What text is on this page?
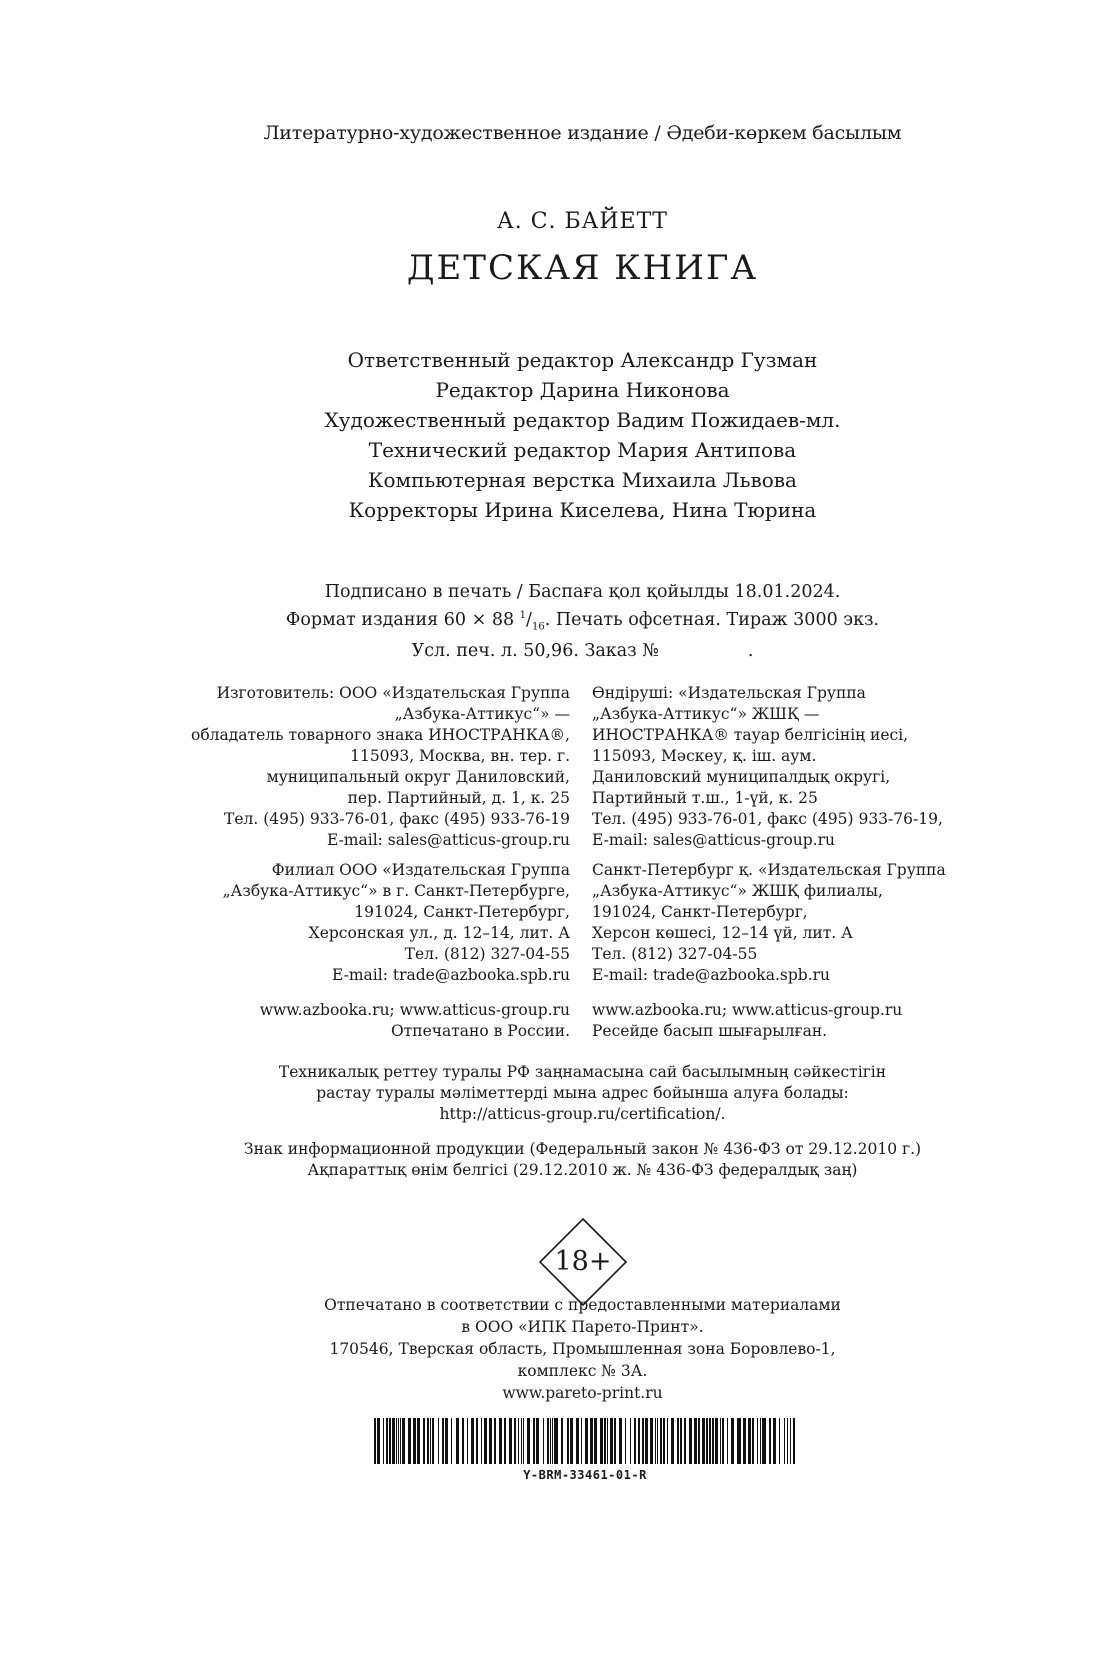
Литературно-художественное издание / Әдеби-көркем басылым
А. С. БАЙЕТТ
ДЕТСКАЯ КНИГА
Ответственный редактор Александр Гузман
Редактор Дарина Никонова
Художественный редактор Вадим Пожидаев-мл.
Технический редактор Мария Антипова
Компьютерная верстка Михаила Львова
Корректоры Ирина Киселева, Нина Тюрина
Подписано в печать / Баспаға қол қойылды 18.01.2024.
Формат издания 60 × 88 $^1/_{16}$. Печать офсетная. Тираж 3000 экз.
Усл. печ. л. 50,96. Заказ №                .
Изготовитель: ООО «Издательская Группа
„Азбука-Аттикус“» —
обладатель товарного знака ИНОСТРАНКА®,
115093, Москва, вн. тер. г.
муниципальный округ Даниловский,
пер. Партийный, д. 1, к. 25
Тел. (495) 933-76-01, факс (495) 933-76-19
E-mail: sales@atticus-group.ru
Филиал ООО «Издательская Группа
„Азбука-Аттикус“» в г. Санкт-Петербурге,
191024, Санкт-Петербург,
Херсонская ул., д. 12–14, лит. А
Тел. (812) 327-04-55
E-mail: trade@azbooka.spb.ru
www.azbooka.ru; www.atticus-group.ru
Отпечатано в России.
Өндіруші: «Издательская Группа
„Азбука-Аттикус“» ЖШҚ —
ИНОСТРАНКА® тауар белгісінің иесі,
115093, Мәскеу, қ. іш. аум.
Даниловский муниципалдық округі,
Партийный т.ш., 1-үй, к. 25
Тел. (495) 933-76-01, факс (495) 933-76-19,
E-mail: sales@atticus-group.ru
Санкт-Петербург қ. «Издательская Группа
„Азбука-Аттикус“» ЖШҚ филиалы,
191024, Санкт-Петербург,
Херсон көшесі, 12–14 үй, лит. А
Тел. (812) 327-04-55
E-mail: trade@azbooka.spb.ru
www.azbooka.ru; www.atticus-group.ru
Ресейде басып шығарылған.
Техникалық реттеу туралы РФ заңнамасына сай басылымның сәйкестігін
растау туралы мәліметтерді мына адрес бойынша алуға болады:
http://atticus-group.ru/certification/.
Знак информационной продукции (Федеральный закон № 436-ФЗ от 29.12.2010 г.)
Ақпараттық өнім белгісі (29.12.2010 ж. № 436-ФЗ федералдық заң)
18+
Отпечатано в соответствии с предоставленными материалами
в ООО «ИПК Парето-Принт».
170546, Тверская область, Промышленная зона Боровлево-1,
комплекс № 3А.
www.pareto-print.ru
Y-BRM-33461-01-R
